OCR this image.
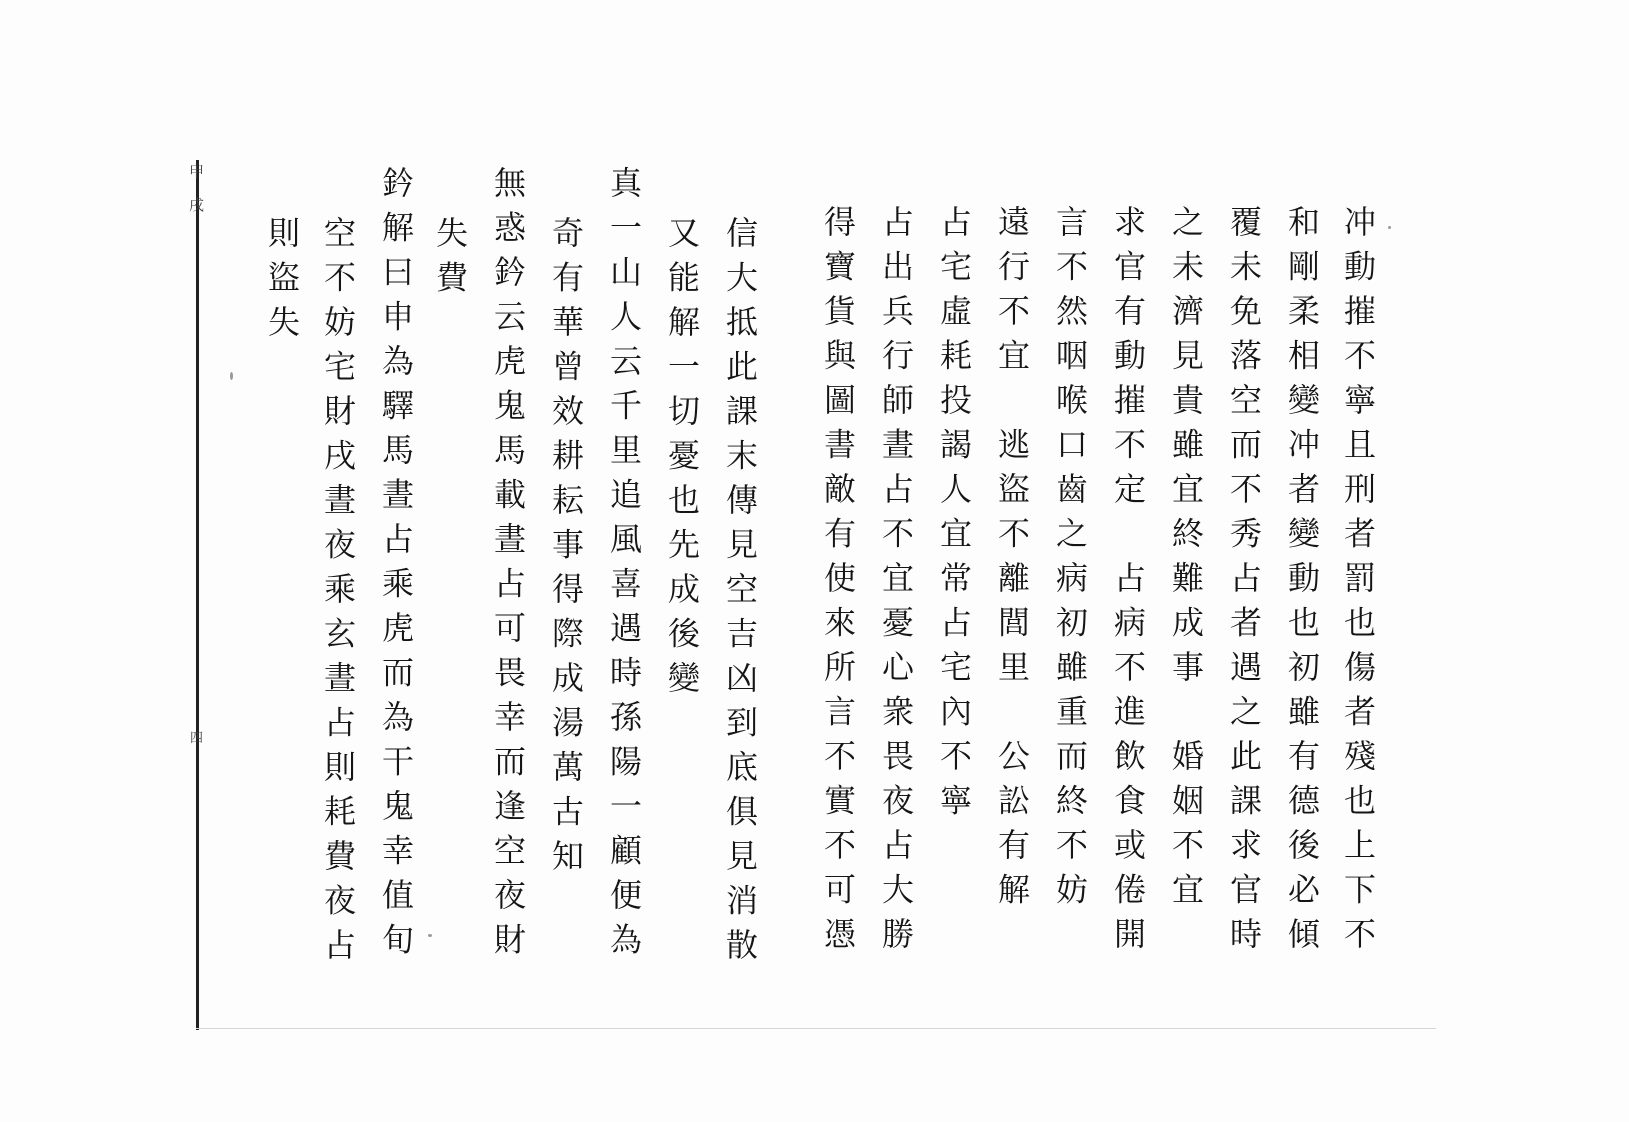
甲戌
四	冲動摧不寧且刑者罰也傷者殘也上下不
和剛柔相變冲者變動也初雖有德後必傾
覆未免落空而不秀占者遇之此課求官時
之未濟見貴雖宜終難成事　婚姻不宜
求官有動摧不定　占病不進飲食或倦開
言不然咽喉口齒之病初雖重而終不妨
遠行不宜　逃盜不離閭里　公訟有解
占宅虛耗投謁人宜常占宅內不寧
占出兵行師晝占不宜憂心衆畏夜占大勝
得寶貨與圖書敵有使來所言不實不可憑
信大抵此課末傳見空吉凶到底俱見消散
又能解一切憂也先成後變
真一山人云千里追風喜遇時孫陽一顧便為
奇有華曾效耕耘事得際成湯萬古知
無惑鈐云虎鬼馬載晝占可畏幸而逢空夜財
失費
鈐解曰申為驛馬晝占乘虎而為干鬼幸值旬
空不妨宅財戌晝夜乘玄晝占則耗費夜占
則盜失
